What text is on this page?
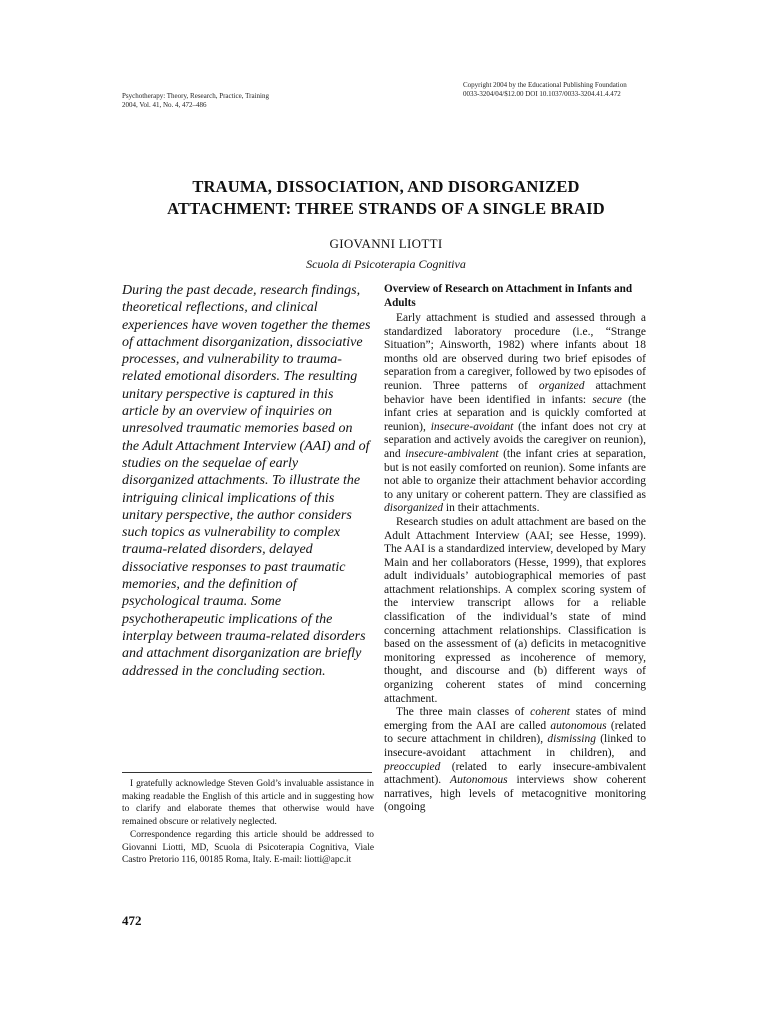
Psychotherapy: Theory, Research, Practice, Training
2004, Vol. 41, No. 4, 472–486
Copyright 2004 by the Educational Publishing Foundation
0033-3204/04/$12.00 DOI 10.1037/0033-3204.41.4.472
TRAUMA, DISSOCIATION, AND DISORGANIZED
ATTACHMENT: THREE STRANDS OF A SINGLE BRAID
GIOVANNI LIOTTI
Scuola di Psicoterapia Cognitiva
During the past decade, research findings, theoretical reflections, and clinical experiences have woven together the themes of attachment disorganization, dissociative processes, and vulnerability to trauma-related emotional disorders. The resulting unitary perspective is captured in this article by an overview of inquiries on unresolved traumatic memories based on the Adult Attachment Interview (AAI) and of studies on the sequelae of early disorganized attachments. To illustrate the intriguing clinical implications of this unitary perspective, the author considers such topics as vulnerability to complex trauma-related disorders, delayed dissociative responses to past traumatic memories, and the definition of psychological trauma. Some psychotherapeutic implications of the interplay between trauma-related disorders and attachment disorganization are briefly addressed in the concluding section.

I gratefully acknowledge Steven Gold’s invaluable assistance in making readable the English of this article and in suggesting how to clarify and elaborate themes that otherwise would have remained obscure or relatively neglected.

Correspondence regarding this article should be addressed to Giovanni Liotti, MD, Scuola di Psicoterapia Cognitiva, Viale Castro Pretorio 116, 00185 Roma, Italy. E-mail: liotti@apc.it

472
Overview of Research on Attachment in Infants and Adults

Early attachment is studied and assessed through a standardized laboratory procedure (i.e., “Strange Situation”; Ainsworth, 1982) where infants about 18 months old are observed during two brief episodes of separation from a caregiver, followed by two episodes of reunion. Three patterns of organized attachment behavior have been identified in infants: secure (the infant cries at separation and is quickly comforted at reunion), insecure-avoidant (the infant does not cry at separation and actively avoids the caregiver on reunion), and insecure-ambivalent (the infant cries at separation, but is not easily comforted on reunion). Some infants are not able to organize their attachment behavior according to any unitary or coherent pattern. They are classified as disorganized in their attachments.

Research studies on adult attachment are based on the Adult Attachment Interview (AAI; see Hesse, 1999). The AAI is a standardized interview, developed by Mary Main and her collaborators (Hesse, 1999), that explores adult individuals’ autobiographical memories of past attachment relationships. A complex scoring system of the interview transcript allows for a reliable classification of the individual’s state of mind concerning attachment relationships. Classification is based on the assessment of (a) deficits in metacognitive monitoring expressed as incoherence of memory, thought, and discourse and (b) different ways of organizing coherent states of mind concerning attachment.

The three main classes of coherent states of mind emerging from the AAI are called autonomous (related to secure attachment in children), dismissing (linked to insecure-avoidant attachment in children), and preoccupied (related to early insecure-ambivalent attachment). Autonomous interviews show coherent narratives, high levels of metacognitive monitoring (ongoing
